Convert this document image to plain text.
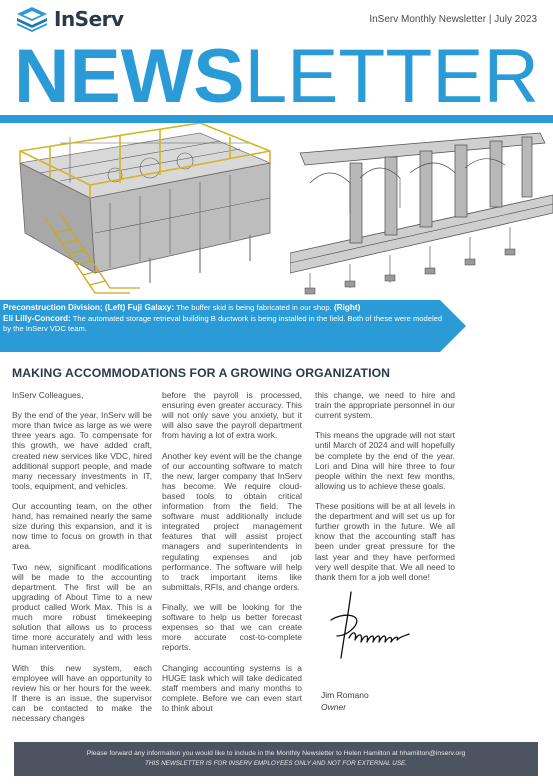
InServ	InServ Monthly Newsletter | July 2023
NEWSLETTER
Preconstruction Division; (Left) Fuji Galaxy: The buffer skid is being fabricated in our shop. (Right)
Eli Lilly-Concord: The automated storage retrieval building B ductwork is being installed in the field. Both of these were modeled by the InServ VDC team.
MAKING ACCOMMODATIONS FOR A GROWING ORGANIZATION

InServ Colleagues,

By the end of the year, InServ will be more than twice as large as we were three years ago. To compensate for this growth, we have added craft, created new services like VDC, hired additional support people, and made many necessary investments in IT, tools, equipment, and vehicles.

Our accounting team, on the other hand, has remained nearly the same size during this expansion, and it is now time to focus on growth in that area.

Two new, significant modifications will be made to the accounting department. The first will be an upgrading of About Time to a new product called Work Max. This is a much more robust timekeeping solution that allows us to process time more accurately and with less human intervention.

With this new system, each employee will have an opportunity to review his or her hours for the week. If there is an issue, the supervisor can be contacted to make the necessary changes

before the payroll is processed, ensuring even greater accuracy. This will not only save you anxiety, but it will also save the payroll department from having a lot of extra work.

Another key event will be the change of our accounting software to match the new, larger company that InServ has become. We require cloud-based tools to obtain critical information from the field. The software must additionally include integrated project management features that will assist project managers and superintendents in regulating expenses and job performance. The software will help to track important items like submittals, RFIs, and change orders.

Finally, we will be looking for the software to help us better forecast expenses so that we can create more accurate cost-to-complete reports.

Changing accounting systems is a HUGE task which will take dedicated staff members and many months to complete. Before we can even start to think about

this change, we need to hire and train the appropriate personnel in our current system.

This means the upgrade will not start until March of 2024 and will hopefully be complete by the end of the year. Lori and Dina will hire three to four people within the next few months, allowing us to achieve these goals.

These positions will be at all levels in the department and will set us up for further growth in the future. We all know that the accounting staff has been under great pressure for the last year and they have performed very well despite that. We all need to thank them for a job well done!

Jim Romano
Owner
Please forward any information you would like to include in the Monthly Newsletter to Helen Hamilton at hhamilton@inserv.org
THIS NEWSLETTER IS FOR INSERV EMPLOYEES ONLY AND NOT FOR EXTERNAL USE.
